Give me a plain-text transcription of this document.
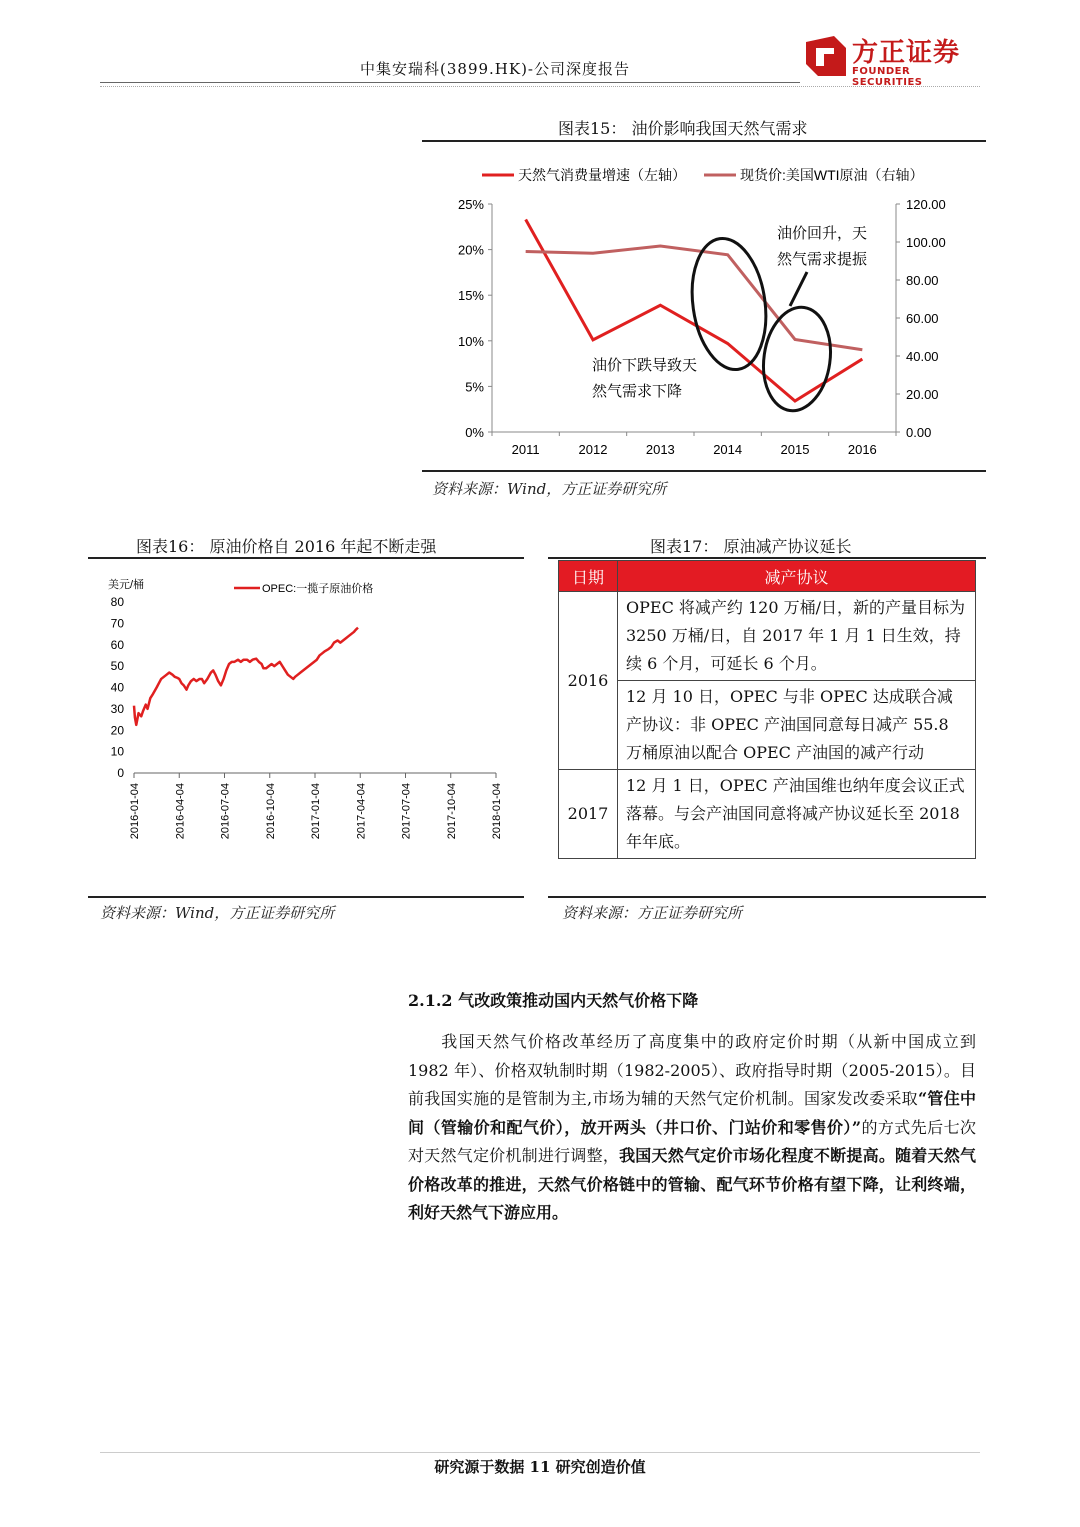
中集安瑞科(3899.HK)-公司深度报告
方正证券
FOUNDER SECURITIES
图表15： 油价影响我国天然气需求
天然气消费量增速（左轴）	现货价:美国WTI原油（右轴）
0%
5%
10%
15%
20%
25%
0.00
20.00
40.00
60.00
80.00
100.00
120.00
2011	2012	2013	2014	2015	2016
油价回升，天
然气需求提振
油价下跌导致天
然气需求下降
资料来源：Wind，方正证券研究所
图表16： 原油价格自 2016 年起不断走强
美元/桶
0
10
20
30
40
50
60
70
80
2016-01-04	2016-04-04	2016-07-04	2016-10-04	2017-01-04	2017-04-04	2017-07-04	2017-10-04	2018-01-04
OPEC:一揽子原油价格
资料来源：Wind，方正证券研究所
图表17： 原油减产协议延长
日期	减产协议
2016	OPEC 将减产约 120 万桶/日，新的产量目标为 3250 万桶/日，自 2017 年 1 月 1 日生效，持续 6 个月，可延长 6 个月。
	12 月 10 日，OPEC 与非 OPEC 达成联合减产协议：非 OPEC 产油国同意每日减产 55.8 万桶原油以配合 OPEC 产油国的减产行动
2017	12 月 1 日，OPEC 产油国维也纳年度会议正式落幕。与会产油国同意将减产协议延长至 2018 年年底。
资料来源：方正证券研究所
2.1.2 气改政策推动国内天然气价格下降
我国天然气价格改革经历了高度集中的政府定价时期（从新中国成立到 1982 年）、价格双轨制时期（1982-2005）、政府指导时期（2005-2015）。目前我国实施的是管制为主,市场为辅的天然气定价机制。国家发改委采取“管住中间（管输价和配气价），放开两头（井口价、门站价和零售价）”的方式先后七次对天然气定价机制进行调整，我国天然气定价市场化程度不断提高。随着天然气价格改革的推进，天然气价格链中的管输、配气环节价格有望下降，让利终端，利好天然气下游应用。
研究源于数据 11 研究创造价值
